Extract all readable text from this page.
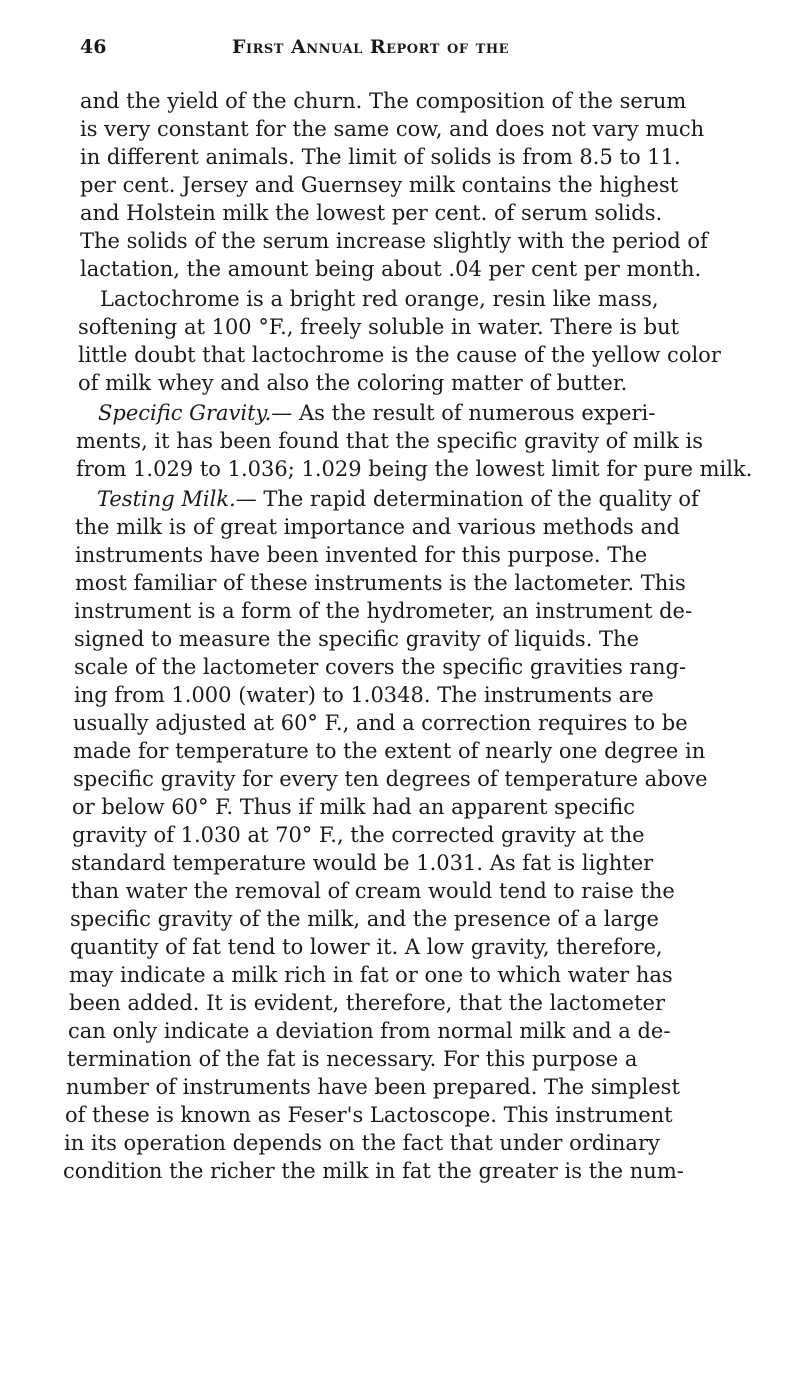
46	First Annual Report of the
and the yield of the churn. The composition of the serum
is very constant for the same cow, and does not vary much
in different animals. The limit of solids is from 8.5 to 11.
per cent. Jersey and Guernsey milk contains the highest
and Holstein milk the lowest per cent. of serum solids.
The solids of the serum increase slightly with the period of
lactation, the amount being about .04 per cent per month.
Lactochrome is a bright red orange, resin like mass,
softening at 100 °F., freely soluble in water. There is but
little doubt that lactochrome is the cause of the yellow color
of milk whey and also the coloring matter of butter.
Specific Gravity.— As the result of numerous experi-
ments, it has been found that the specific gravity of milk is
from 1.029 to 1.036; 1.029 being the lowest limit for pure milk.
Testing Milk.— The rapid determination of the quality of
the milk is of great importance and various methods and
instruments have been invented for this purpose. The
most familiar of these instruments is the lactometer. This
instrument is a form of the hydrometer, an instrument de-
signed to measure the specific gravity of liquids. The
scale of the lactometer covers the specific gravities rang-
ing from 1.000 (water) to 1.0348. The instruments are
usually adjusted at 60° F., and a correction requires to be
made for temperature to the extent of nearly one degree in
specific gravity for every ten degrees of temperature above
or below 60° F. Thus if milk had an apparent specific
gravity of 1.030 at 70° F., the corrected gravity at the
standard temperature would be 1.031. As fat is lighter
than water the removal of cream would tend to raise the
specific gravity of the milk, and the presence of a large
quantity of fat tend to lower it. A low gravity, therefore,
may indicate a milk rich in fat or one to which water has
been added. It is evident, therefore, that the lactometer
can only indicate a deviation from normal milk and a de-
termination of the fat is necessary. For this purpose a
number of instruments have been prepared. The simplest
of these is known as Feser's Lactoscope. This instrument
in its operation depends on the fact that under ordinary
condition the richer the milk in fat the greater is the num-
